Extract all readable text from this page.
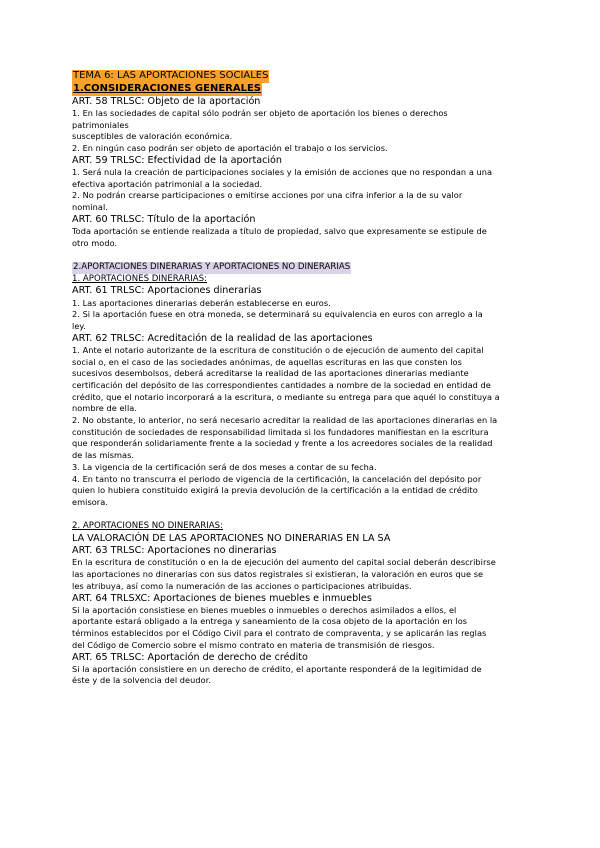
TEMA 6: LAS APORTACIONES SOCIALES
1.CONSIDERACIONES GENERALES
ART. 58 TRLSC: Objeto de la aportación
1. En las sociedades de capital sólo podrán ser objeto de aportación los bienes o derechos
patrimoniales
susceptibles de valoración económica.
2. En ningún caso podrán ser objeto de aportación el trabajo o los servicios.
ART. 59 TRLSC: Efectividad de la aportación
1. Será nula la creación de participaciones sociales y la emisión de acciones que no respondan a una
efectiva aportación patrimonial a la sociedad.
2. No podrán crearse participaciones o emitirse acciones por una cifra inferior a la de su valor
nominal.
ART. 60 TRLSC: Título de la aportación
Toda aportación se entiende realizada a título de propiedad, salvo que expresamente se estipule de
otro modo.
2.APORTACIONES DINERARIAS Y APORTACIONES NO DINERARIAS
1. APORTACIONES DINERARIAS:
ART. 61 TRLSC: Aportaciones dinerarias
1. Las aportaciones dinerarias deberán establecerse en euros.
2. Si la aportación fuese en otra moneda, se determinará su equivalencia en euros con arreglo a la
ley.
ART. 62 TRLSC: Acreditación de la realidad de las aportaciones
1. Ante el notario autorizante de la escritura de constitución o de ejecución de aumento del capital
social o, en el caso de las sociedades anónimas, de aquellas escrituras en las que consten los
sucesivos desembolsos, deberá acreditarse la realidad de las aportaciones dinerarias mediante
certificación del depósito de las correspondientes cantidades a nombre de la sociedad en entidad de
crédito, que el notario incorporará a la escritura, o mediante su entrega para que aquél lo constituya a
nombre de ella.
2. No obstante, lo anterior, no será necesario acreditar la realidad de las aportaciones dinerarias en la
constitución de sociedades de responsabilidad limitada si los fundadores manifiestan en la escritura
que responderán solidariamente frente a la sociedad y frente a los acreedores sociales de la realidad
de las mismas.
3. La vigencia de la certificación será de dos meses a contar de su fecha.
4. En tanto no transcurra el periodo de vigencia de la certificación, la cancelación del depósito por
quien lo hubiera constituido exigirá la previa devolución de la certificación a la entidad de crédito
emisora.
2. APORTACIONES NO DINERARIAS:
LA VALORACIÓN DE LAS APORTACIONES NO DINERARIAS EN LA SA
ART. 63 TRLSC: Aportaciones no dinerarias
En la escritura de constitución o en la de ejecución del aumento del capital social deberán describirse
las aportaciones no dinerarias con sus datos registrales si existieran, la valoración en euros que se
les atribuya, así como la numeración de las acciones o participaciones atribuidas.
ART. 64 TRLSXC: Aportaciones de bienes muebles e inmuebles
Si la aportación consistiese en bienes muebles o inmuebles o derechos asimilados a ellos, el
aportante estará obligado a la entrega y saneamiento de la cosa objeto de la aportación en los
términos establecidos por el Código Civil para el contrato de compraventa, y se aplicarán las reglas
del Código de Comercio sobre el mismo contrato en materia de transmisión de riesgos.
ART. 65 TRLSC: Aportación de derecho de crédito
Si la aportación consistiere en un derecho de crédito, el aportante responderá de la legitimidad de
éste y de la solvencia del deudor.
